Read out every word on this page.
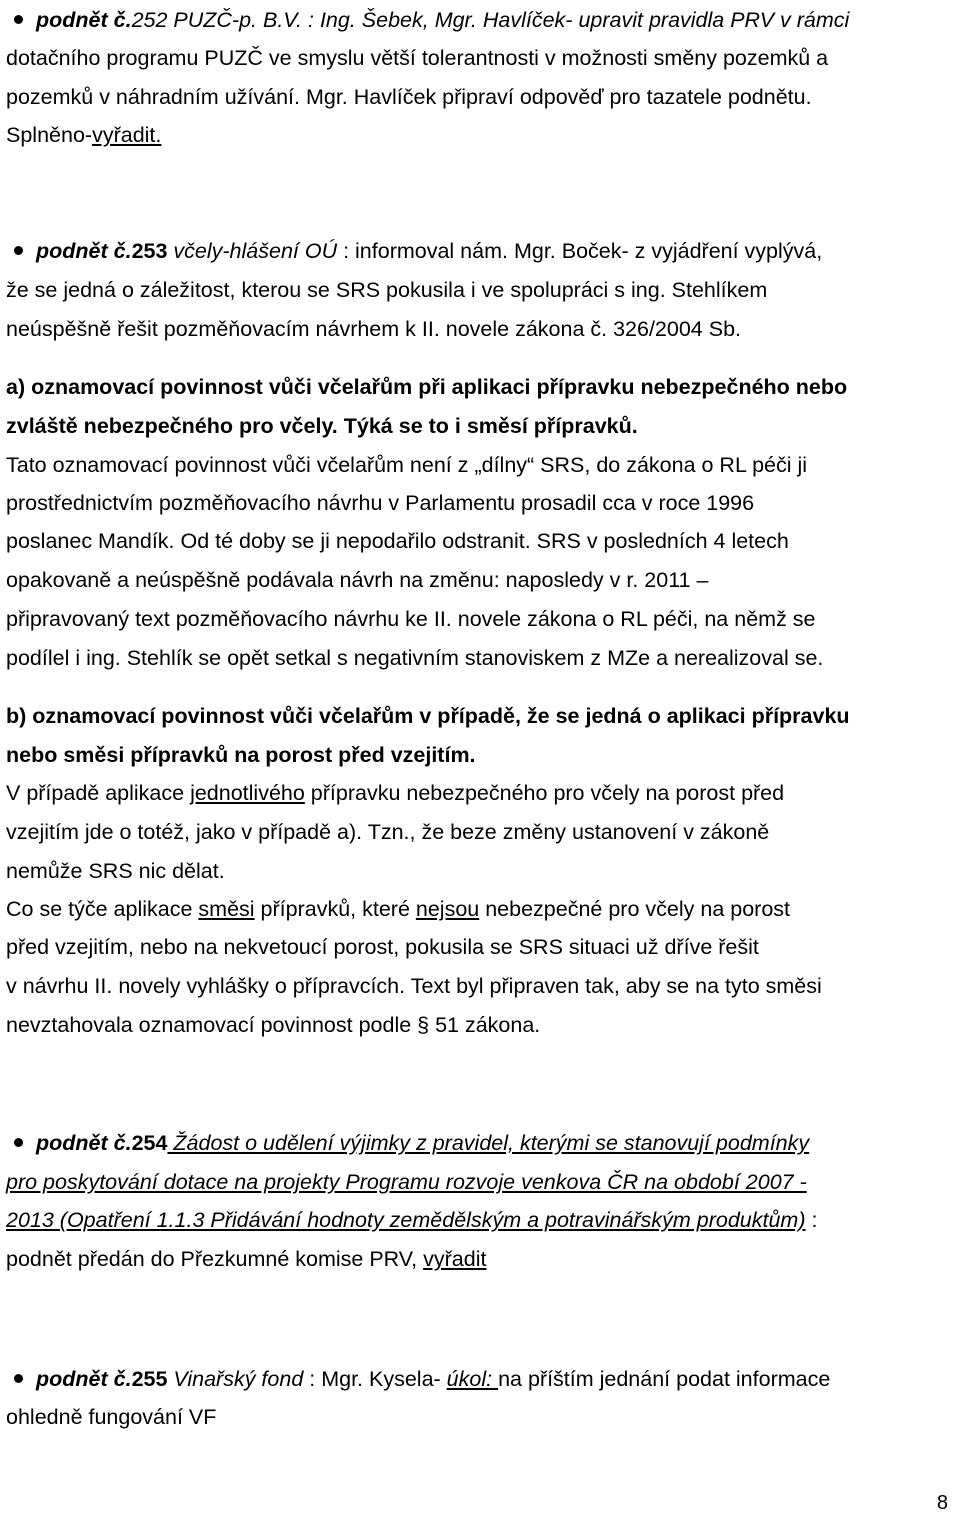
podnět č.252 PUZČ-p. B.V. : Ing. Šebek, Mgr. Havlíček- upravit pravidla PRV v rámci
dotačního programu PUZČ ve smyslu větší tolerantnosti v možnosti směny pozemků a
pozemků v náhradním užívání. Mgr. Havlíček připraví odpověď pro tazatele podnětu.
Splněno-vyřadit.
podnět č.253 včely-hlášení OÚ : informoval nám. Mgr. Boček- z vyjádření vyplývá,
že se jedná o záležitost, kterou se SRS pokusila i ve spolupráci s ing. Stehlíkem
neúspěšně řešit pozměňovacím návrhem k II. novele zákona č. 326/2004 Sb.
a) oznamovací povinnost vůči včelařům při aplikaci přípravku nebezpečného nebo
zvláště nebezpečného pro včely. Týká se to i směsí přípravků.
Tato oznamovací povinnost vůči včelařům není z „dílny“ SRS, do zákona o RL péči ji
prostřednictvím pozměňovacího návrhu v Parlamentu prosadil cca v roce 1996
poslanec Mandík. Od té doby se ji nepodařilo odstranit. SRS v posledních 4 letech
opakovaně a neúspěšně podávala návrh na změnu: naposledy v r. 2011 –
připravovaný text pozměňovacího návrhu ke II. novele zákona o RL péči, na němž se
podílel i ing. Stehlík se opět setkal s negativním stanoviskem z MZe a nerealizoval se.
b) oznamovací povinnost vůči včelařům v případě, že se jedná o aplikaci přípravku
nebo směsi přípravků na porost před vzejitím.
V případě aplikace jednotlivého přípravku nebezpečného pro včely na porost před
vzejitím jde o totéž, jako v případě a). Tzn., že beze změny ustanovení v zákoně
nemůže SRS nic dělat.
Co se týče aplikace směsi přípravků, které nejsou nebezpečné pro včely na porost
před vzejitím, nebo na nekvetoucí porost, pokusila se SRS situaci už dříve řešit
v návrhu II. novely vyhlášky o přípravcích. Text byl připraven tak, aby se na tyto směsi
nevztahovala oznamovací povinnost podle § 51 zákona.
podnět č.254 Žádost o udělení výjimky z pravidel, kterými se stanovují podmínky
pro poskytování dotace na projekty Programu rozvoje venkova ČR na období 2007 -
2013 (Opatření 1.1.3 Přidávání hodnoty zemědělským a potravinářským produktům) :
podnět předán do Přezkumné komise PRV, vyřadit
podnět č.255 Vinařský fond : Mgr. Kysela- úkol: na příštím jednání podat informace
ohledně fungování VF
8
